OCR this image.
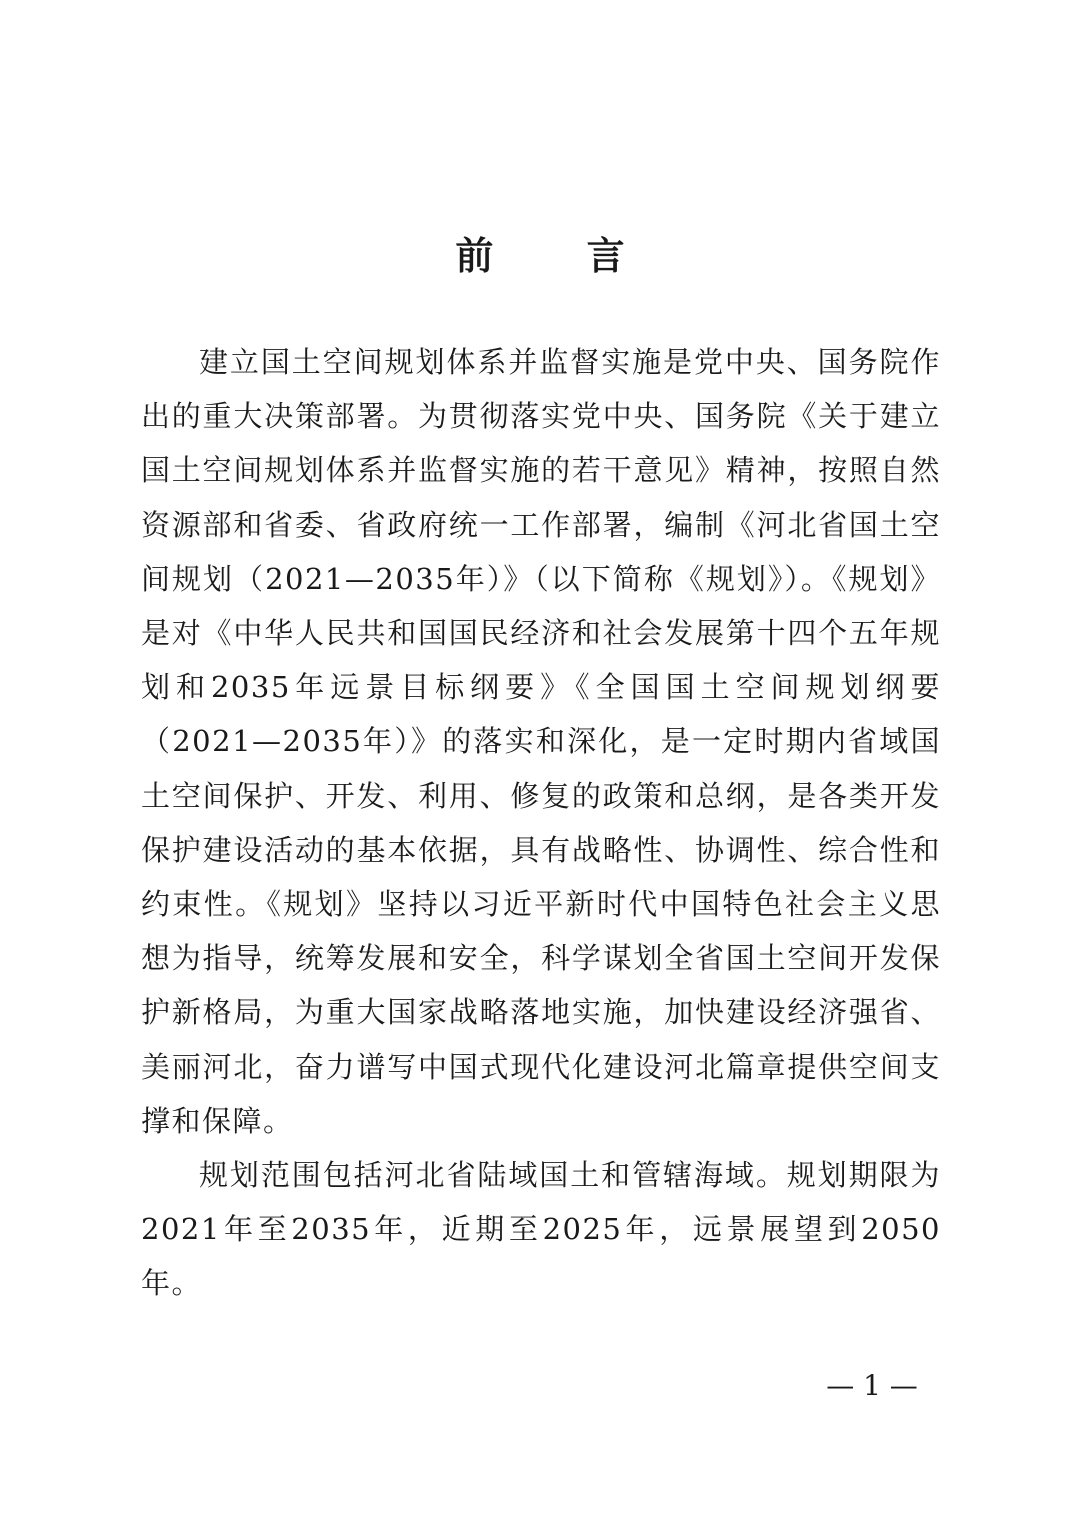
前 言

建立国土空间规划体系并监督实施是党中央、国务院作出的重大决策部署。为贯彻落实党中央、国务院《关于建立国土空间规划体系并监督实施的若干意见》精神，按照自然资源部和省委、省政府统一工作部署，编制《河北省国土空间规划（2021—2035年）》（以下简称《规划》）。《规划》是对《中华人民共和国国民经济和社会发展第十四个五年规划和2035年远景目标纲要》《全国国土空间规划纲要（2021—2035年）》的落实和深化，是一定时期内省域国土空间保护、开发、利用、修复的政策和总纲，是各类开发保护建设活动的基本依据，具有战略性、协调性、综合性和约束性。《规划》坚持以习近平新时代中国特色社会主义思想为指导，统筹发展和安全，科学谋划全省国土空间开发保护新格局，为重大国家战略落地实施，加快建设经济强省、美丽河北，奋力谱写中国式现代化建设河北篇章提供空间支撑和保障。

规划范围包括河北省陆域国土和管辖海域。规划期限为2021年至2035年，近期至2025年，远景展望到2050年。

— 1 —
